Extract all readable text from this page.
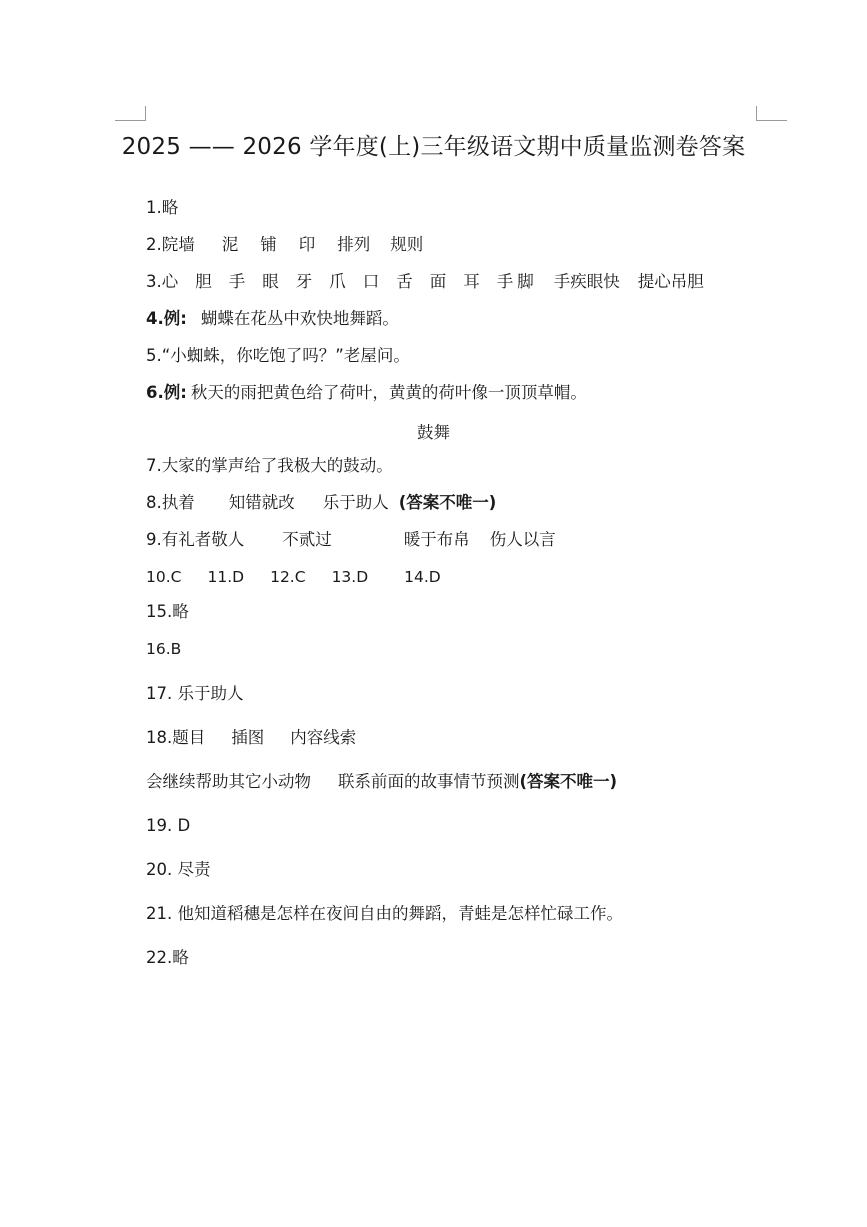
2025 —— 2026 学年度(上)三年级语文期中质量监测卷答案
1.略
2.院墙 泥 铺 印 排列 规则
3.心 胆 手 眼 牙 爪 口 舌 面 耳 手 脚 手疾眼快 提心吊胆
4.例: 蝴蝶在花丛中欢快地舞蹈。
5.“小蜘蛛，你吃饱了吗？”老屋问。
6.例: 秋天的雨把黄色给了荷叶，黄黄的荷叶像一顶顶草帽。
鼓舞
7.大家的掌声给了我极大的鼓动。
8.执着 知错就改 乐于助人 (答案不唯一)
9.有礼者敬人 不贰过	暖于布帛 伤人以言
10.C 11.D 12.C 13.D 14.D
15.略
16.B
17. 乐于助人
18.题目 插图 内容线索
会继续帮助其它小动物 联系前面的故事情节预测(答案不唯一)
19. D
20. 尽责
21. 他知道稻穗是怎样在夜间自由的舞蹈，青蛙是怎样忙碌工作。
22.略
